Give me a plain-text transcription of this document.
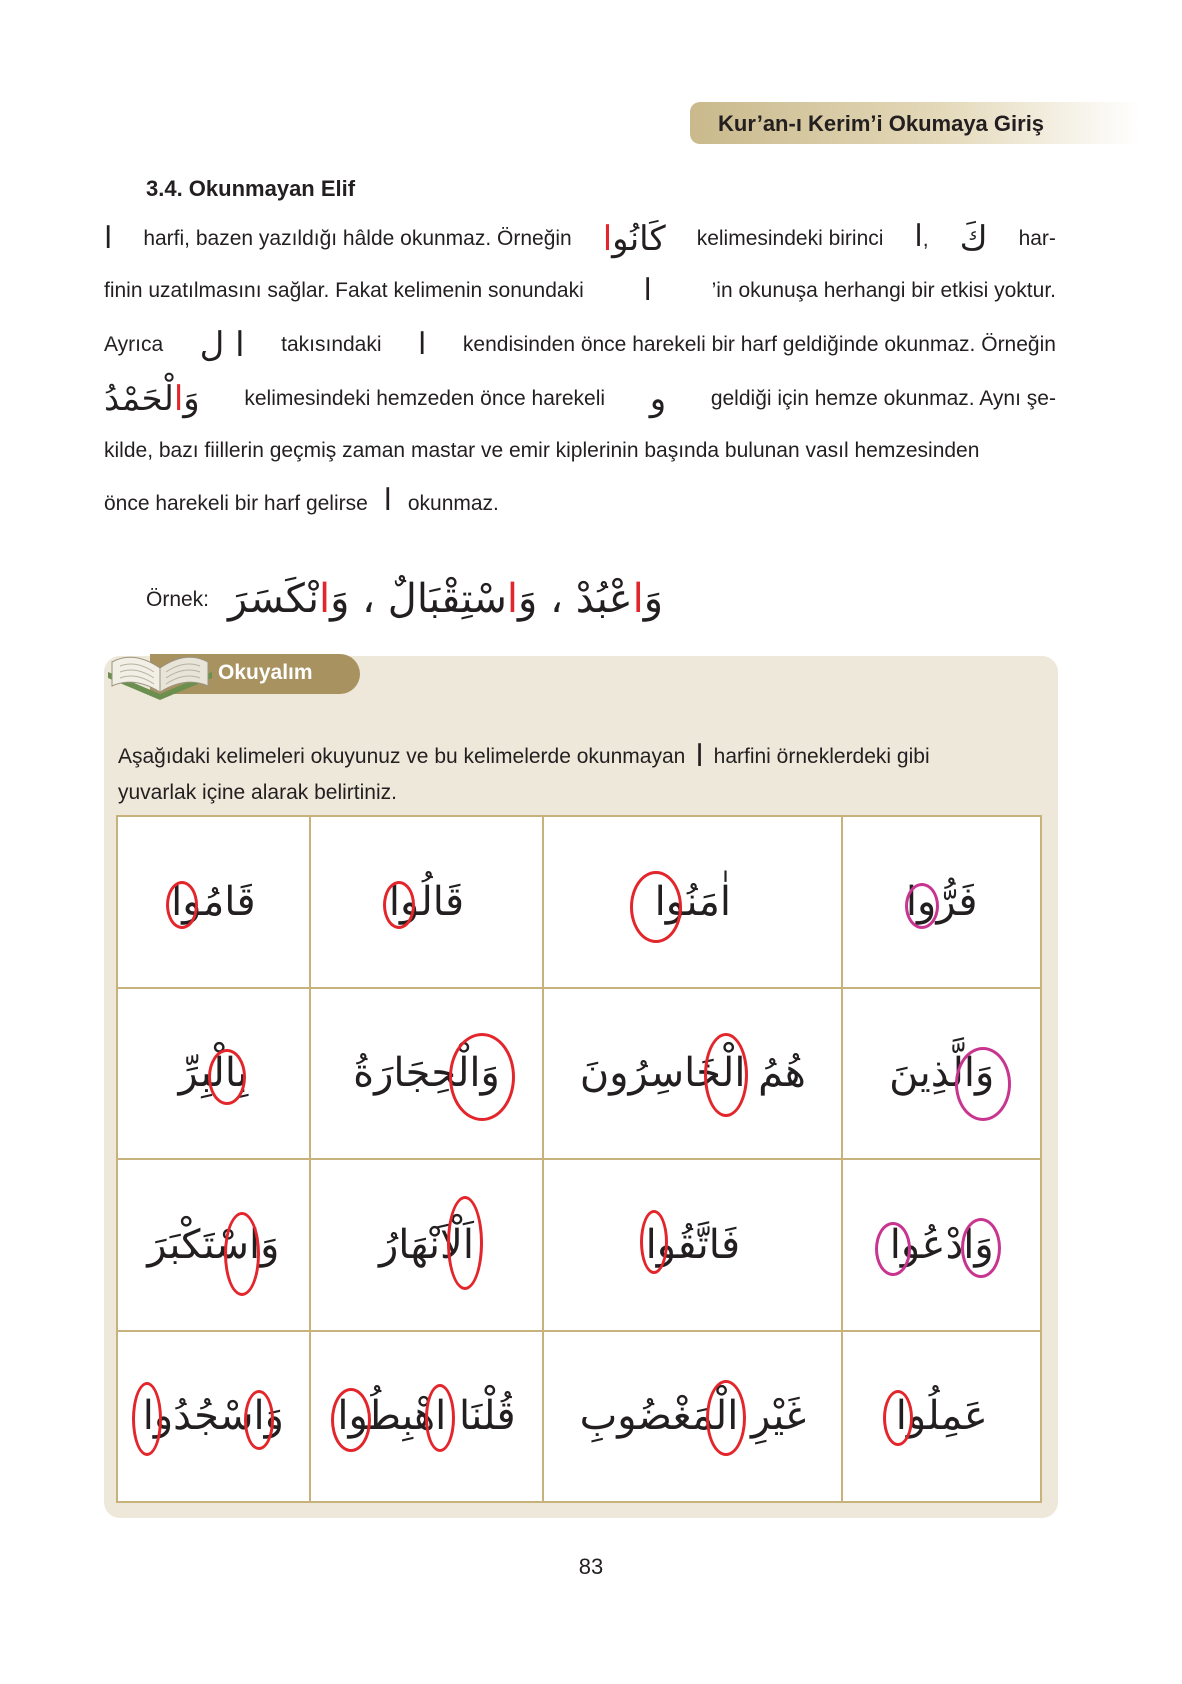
Kur’an-ı Kerim’i Okumaya Giriş
3.4. Okunmayan Elif
ا harfi, bazen yazıldığı hâlde okunmaz. Örneğin كَانُوا	kelimesindeki birinci ا, كَ har-
finin uzatılmasını sağlar. Fakat kelimenin sonundaki ا	’in okunuşa herhangi bir etkisi yoktur.
Ayrıca ا ل takısındaki ا kendisinden önce harekeli bir harf geldiğinde okunmaz. Örneğin
وَالْحَمْدُ	kelimesindeki hemzeden önce harekeli و geldiği için hemze okunmaz. Aynı şe-
kilde, bazı fiillerin geçmiş zaman mastar ve emir kiplerinin başında bulunan vasıl hemzesinden
önce harekeli bir harf gelirse ا okunmaz.
Örnek:	وَاعْبُدْ ، وَاسْتِقْبَالٌ ، وَانْكَسَرَ
Okuyalım
Aşağıdaki kelimeleri okuyunuz ve bu kelimelerde okunmayan ا harfini örneklerdeki gibi
yuvarlak içine alarak belirtiniz.
قَامُوا	قَالُوا	اٰمَنُوا	فَرُّوا

بِالْبِرِّ	وَالْحِجَارَةُ	هُمُ الْخَاسِرُونَ	وَالَّذِينَ

وَاسْتَكْبَرَ	اَلْاَنْهَارُ	فَاتَّقُوا	وَادْعُوا

وَاسْجُدُوا	قُلْنَا اهْبِطُوا	غَيْرِ الْمَغْضُوبِ	عَمِلُوا
83
